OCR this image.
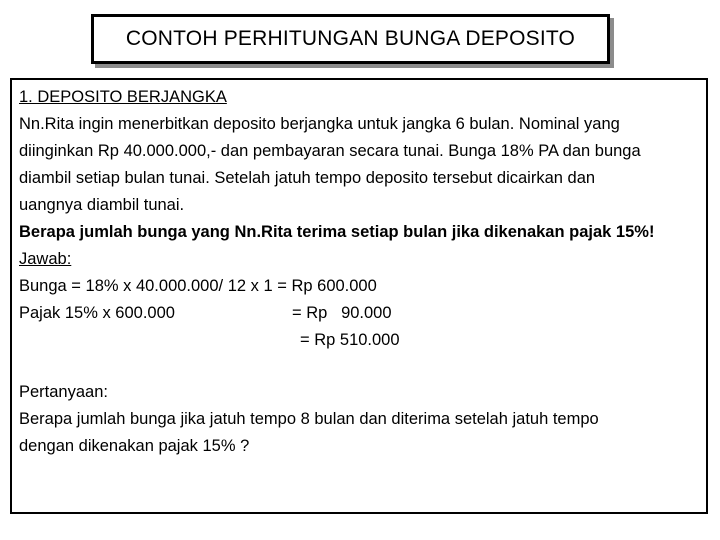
CONTOH PERHITUNGAN BUNGA DEPOSITO
1. DEPOSITO BERJANGKA
Nn.Rita ingin menerbitkan deposito berjangka untuk jangka 6 bulan. Nominal yang
diinginkan Rp 40.000.000,- dan pembayaran secara tunai. Bunga 18% PA dan bunga
diambil setiap bulan tunai. Setelah jatuh tempo deposito tersebut dicairkan dan
uangnya diambil tunai.
Berapa jumlah bunga yang Nn.Rita terima setiap bulan jika dikenakan pajak 15%!
Jawab:
Bunga = 18% x 40.000.000/ 12 x 1 = Rp 600.000
Pajak 15% x 600.000	= Rp   90.000
= Rp 510.000
Pertanyaan:
Berapa jumlah bunga jika jatuh tempo 8 bulan dan diterima setelah jatuh tempo
dengan dikenakan pajak 15% ?
